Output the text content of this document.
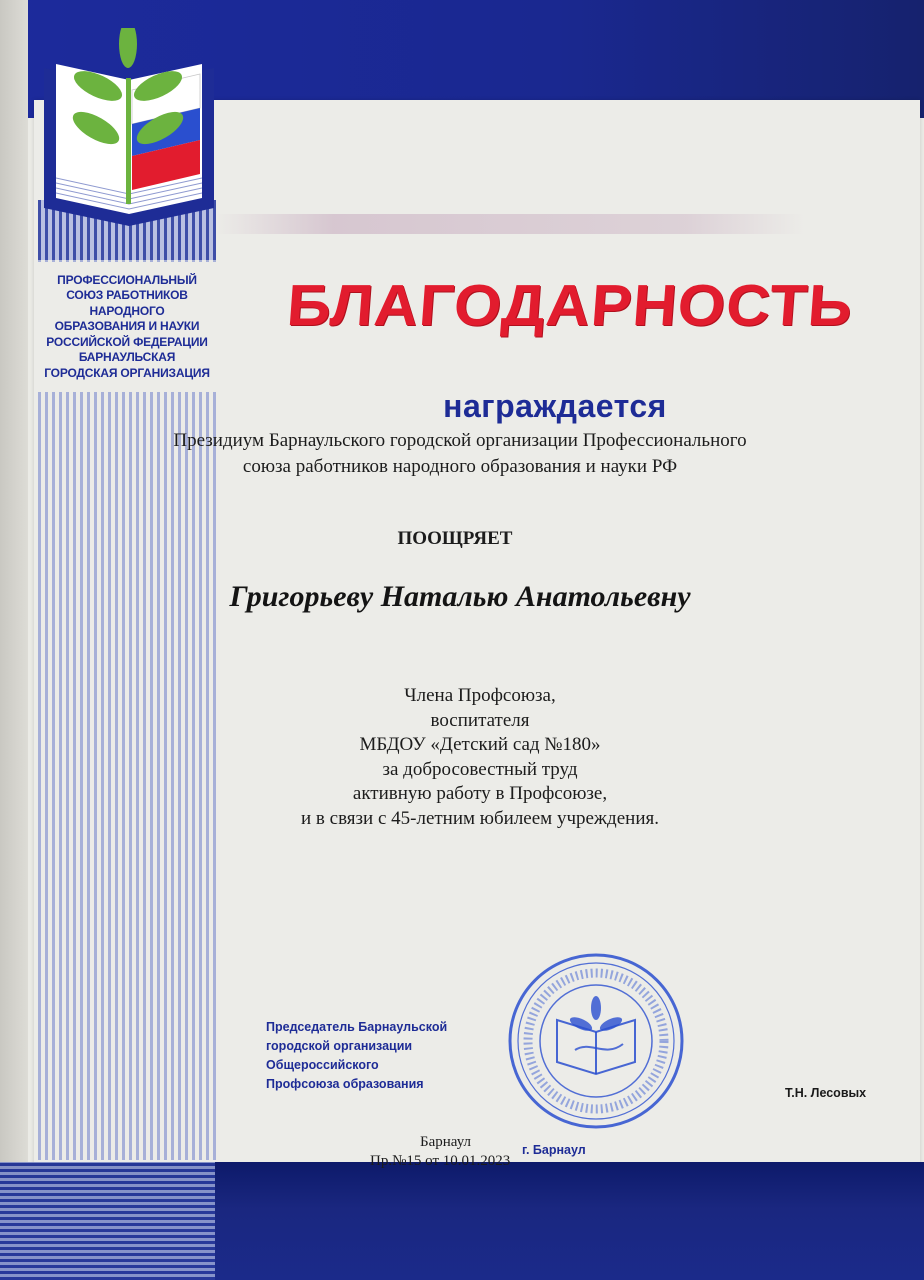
ПРОФЕССИОНАЛЬНЫЙ
СОЮЗ РАБОТНИКОВ
НАРОДНОГО
ОБРАЗОВАНИЯ И НАУКИ
РОССИЙСКОЙ ФЕДЕРАЦИИ
БАРНАУЛЬСКАЯ
ГОРОДСКАЯ ОРГАНИЗАЦИЯ
БЛАГОДАРНОСТЬ
награждается
Президиум Барнаульского городской организации Профессионального
союза работников народного образования и науки РФ
ПООЩРЯЕТ
Григорьеву Наталью Анатольевну
Члена Профсоюза,
воспитателя
МБДОУ «Детский сад №180»
за добросовестный труд
активную работу в Профсоюзе,
и в связи с 45-летним юбилеем учреждения.
Председатель Барнаульской
городской организации
Общероссийского
Профсоюза образования
Т.Н. Лесовых
Барнаул	г. Барнаул
Пр.№15 от 10.01.2023
